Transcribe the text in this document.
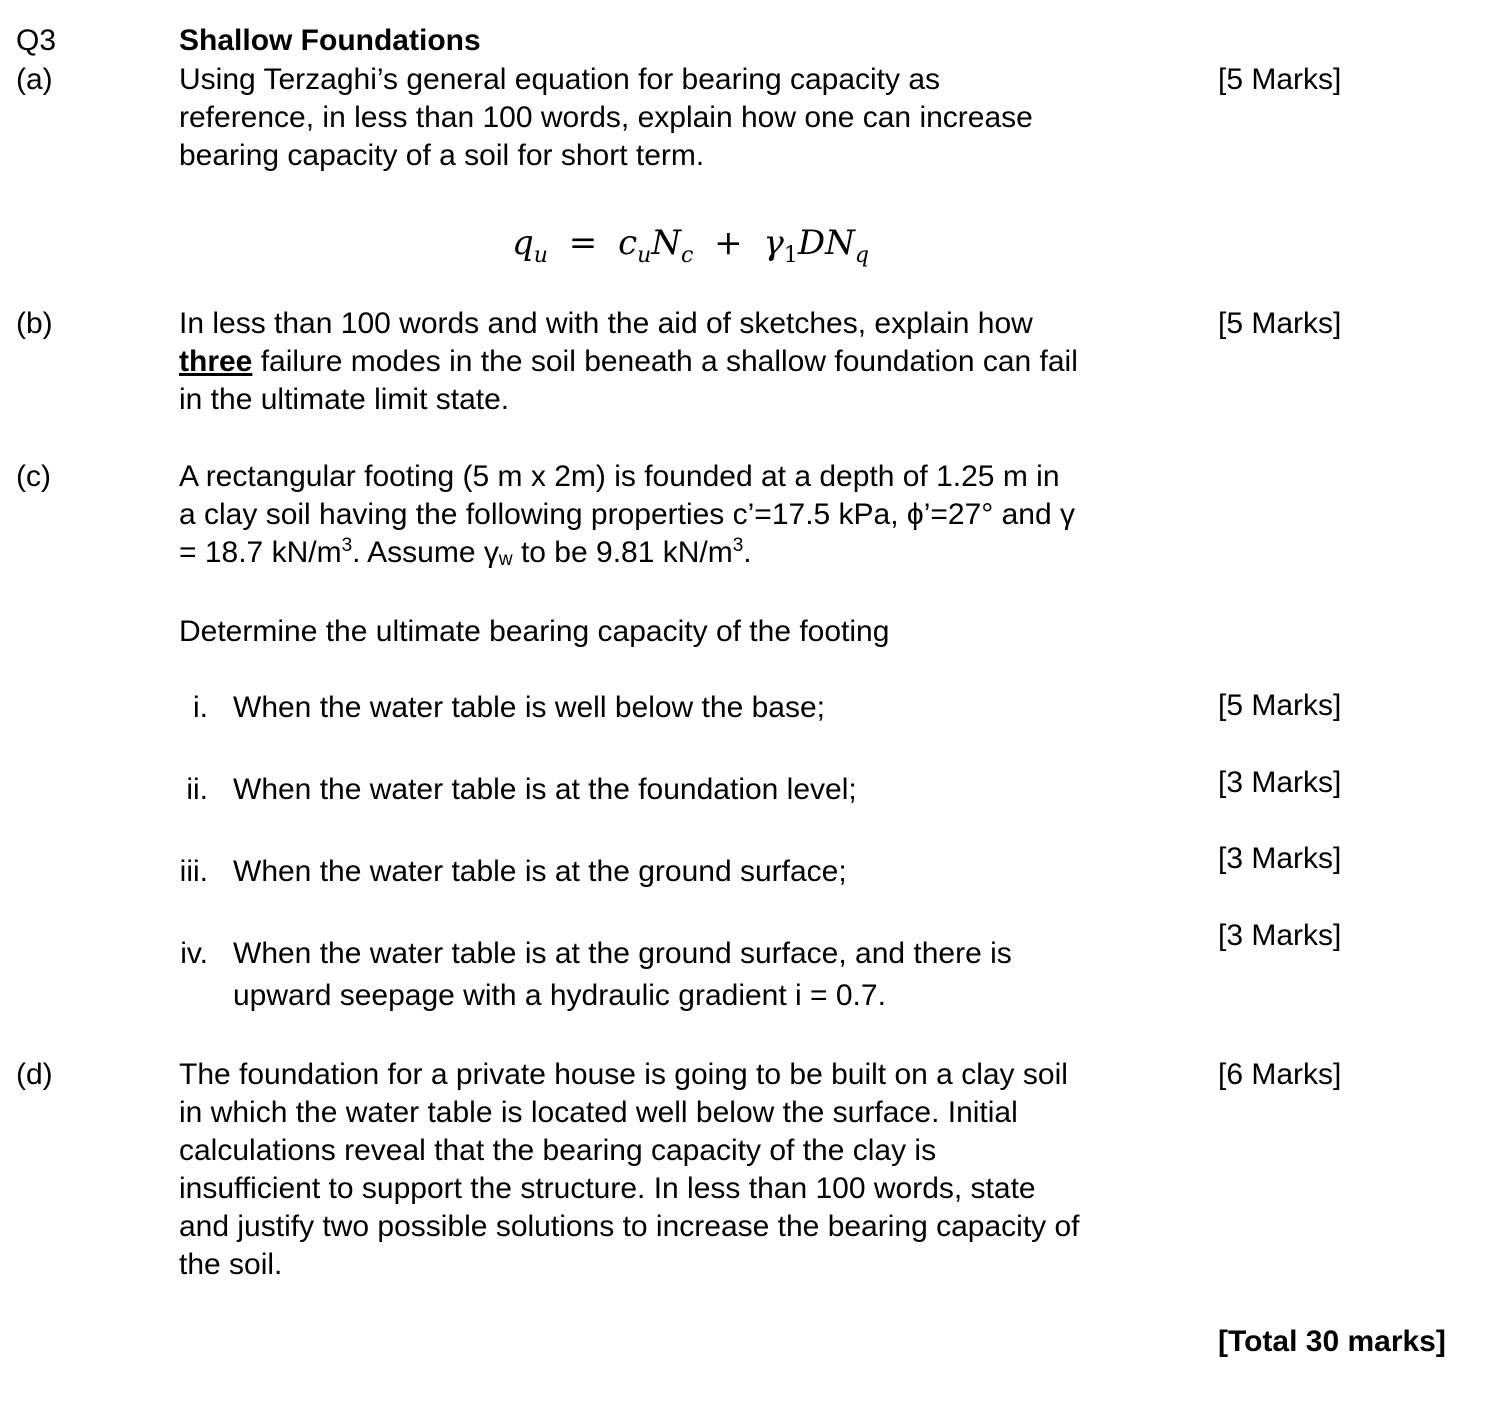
Q3	Shallow Foundations
(a)	Using Terzaghi’s general equation for bearing capacity as
reference, in less than 100 words, explain how one can increase
bearing capacity of a soil for short term.
[5 Marks]
$q_u = c_uN_c + \gamma_1DN_q$
(b)	In less than 100 words and with the aid of sketches, explain how
three failure modes in the soil beneath a shallow foundation can fail
in the ultimate limit state.
[5 Marks]
(c)	A rectangular footing (5 m x 2m) is founded at a depth of 1.25 m in
a clay soil having the following properties c’=17.5 kPa, ϕ’=27° and γ
= 18.7 $kN/m^3$. Assume $\gamma_w$ to be 9.81 $kN/m^3$.
Determine the ultimate bearing capacity of the footing
i. When the water table is well below the base;	[5 Marks]
ii. When the water table is at the foundation level;	[3 Marks]
iii. When the water table is at the ground surface;	[3 Marks]
iv. When the water table is at the ground surface, and there is
upward seepage with a hydraulic gradient i = 0.7.
[3 Marks]
(d)	The foundation for a private house is going to be built on a clay soil
in which the water table is located well below the surface. Initial
calculations reveal that the bearing capacity of the clay is
insufficient to support the structure. In less than 100 words, state
and justify two possible solutions to increase the bearing capacity of
the soil.
[6 Marks]
[Total 30 marks]
